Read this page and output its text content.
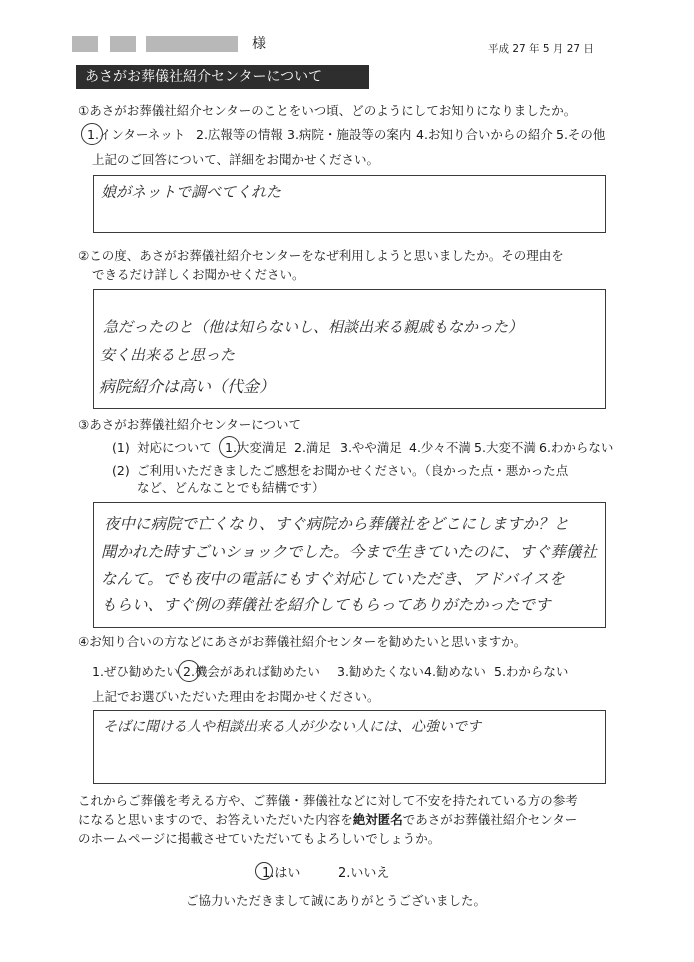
様	平成 27 年 5 月 27 日
あさがお葬儀社紹介センターについて
①あさがお葬儀社紹介センターのことをいつ頃、どのようにしてお知りになりましたか。
1.インターネット 2.広報等の情報 3.病院・施設等の案内 4.お知り合いからの紹介 5.その他
上記のご回答について、詳細をお聞かせください。
娘がネットで調べてくれた
②この度、あさがお葬儀社紹介センターをなぜ利用しようと思いましたか。その理由を
できるだけ詳しくお聞かせください。
急だったのと（他は知らないし、相談出来る親戚もなかった）
安く出来ると思った
病院紹介は高い（代金）
③あさがお葬儀社紹介センターについて
(1) 対応について 1.大変満足 2.満足 3.やや満足 4.少々不満 5.大変不満 6.わからない
(2) ご利用いただきましたご感想をお聞かせください。（良かった点・悪かった点
など、どんなことでも結構です）
夜中に病院で亡くなり、すぐ病院から葬儀社をどこにしますか？と
聞かれた時すごいショックでした。今まで生きていたのに、すぐ葬儀社
なんて。でも夜中の電話にもすぐ対応していただき、アドバイスを
もらい、すぐ例の葬儀社を紹介してもらってありがたかったです
④お知り合いの方などにあさがお葬儀社紹介センターを勧めたいと思いますか。
1.ぜひ勧めたい 2.機会があれば勧めたい 3.勧めたくない 4.勧めない 5.わからない
上記でお選びいただいた理由をお聞かせください。
そばに聞ける人や相談出来る人が少ない人には、心強いです
これからご葬儀を考える方や、ご葬儀・葬儀社などに対して不安を持たれている方の参考
になると思いますので、お答えいただいた内容を絶対匿名であさがお葬儀社紹介センター
のホームページに掲載させていただいてもよろしいでしょうか。
1.はい	2.いいえ
ご協力いただきまして誠にありがとうございました。
